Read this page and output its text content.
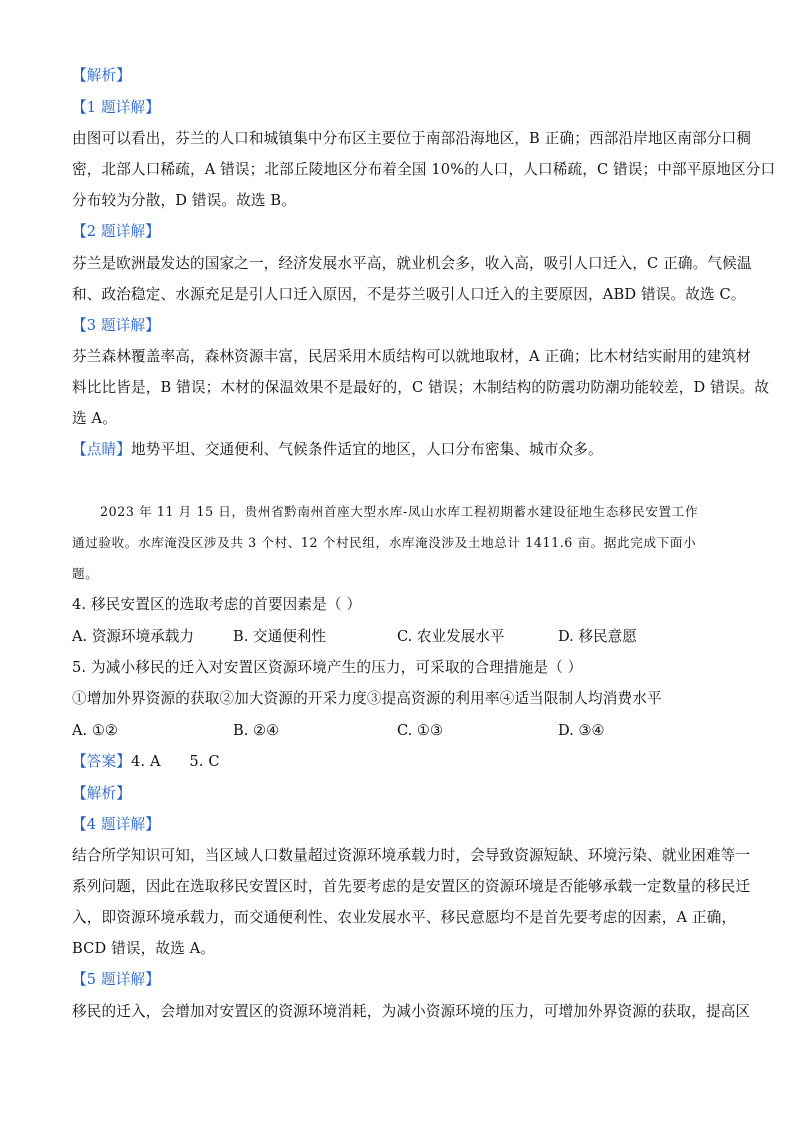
【解析】
【1 题详解】
由图可以看出，芬兰的人口和城镇集中分布区主要位于南部沿海地区，B 正确；西部沿岸地区南部分口稠
密，北部人口稀疏，A 错误；北部丘陵地区分布着全国 10%的人口，人口稀疏，C 错误；中部平原地区分口
分布较为分散，D 错误。故选 B。
【2 题详解】
芬兰是欧洲最发达的国家之一，经济发展水平高，就业机会多，收入高，吸引人口迁入，C 正确。气候温
和、政治稳定、水源充足是引人口迁入原因，不是芬兰吸引人口迁入的主要原因，ABD 错误。故选 C。
【3 题详解】
芬兰森林覆盖率高，森林资源丰富，民居采用木质结构可以就地取材，A 正确；比木材结实耐用的建筑材
料比比皆是，B 错误；木材的保温效果不是最好的，C 错误；木制结构的防震功防潮功能较差，D 错误。故
选 A。
【点睛】地势平坦、交通便利、气候条件适宜的地区，人口分布密集、城市众多。
2023 年 11 月 15 日，贵州省黔南州首座大型水库-凤山水库工程初期蓄水建设征地生态移民安置工作
通过验收。水库淹没区涉及共 3 个村、12 个村民组，水库淹没涉及土地总计 1411.6 亩。据此完成下面小
题。
4. 移民安置区的选取考虑的首要因素是（ ）
A. 资源环境承载力	B. 交通便利性	C. 农业发展水平	D. 移民意愿
5. 为减小移民的迁入对安置区资源环境产生的压力，可采取的合理措施是（ ）
①增加外界资源的获取②加大资源的开采力度③提高资源的利用率④适当限制人均消费水平
A. ①②	B. ②④	C. ①③	D. ③④
【答案】4. A      5. C
【解析】
【4 题详解】
结合所学知识可知，当区域人口数量超过资源环境承载力时，会导致资源短缺、环境污染、就业困难等一
系列问题，因此在选取移民安置区时，首先要考虑的是安置区的资源环境是否能够承载一定数量的移民迁
入，即资源环境承载力，而交通便利性、农业发展水平、移民意愿均不是首先要考虑的因素，A 正确，
BCD 错误，故选 A。
【5 题详解】
移民的迁入，会增加对安置区的资源环境消耗，为减小资源环境的压力，可增加外界资源的获取，提高区
